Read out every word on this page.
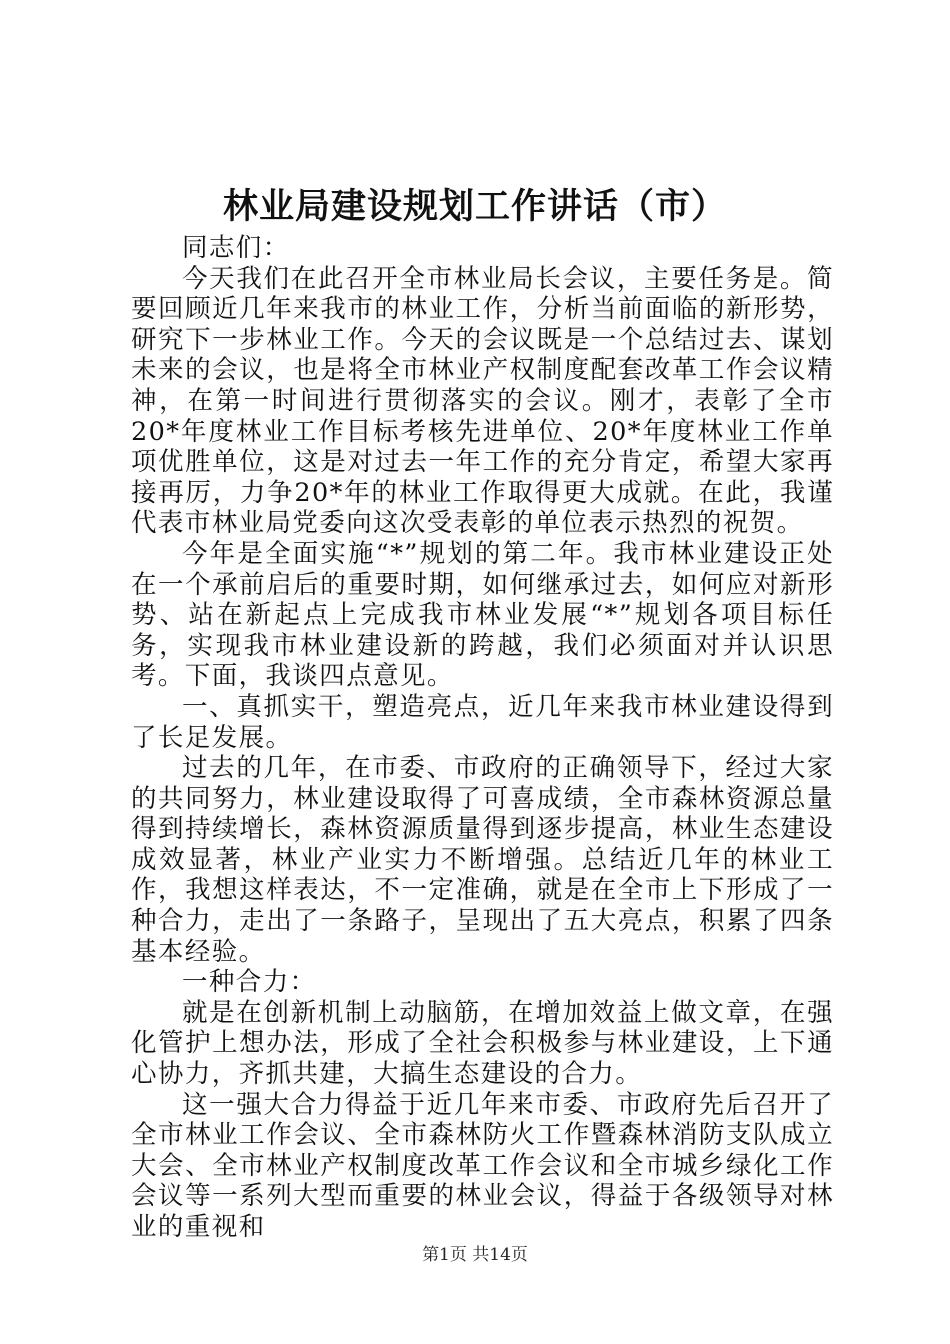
林业局建设规划工作讲话（市）

同志们：

今天我们在此召开全市林业局长会议，主要任务是。简要回顾近几年来我市的林业工作，分析当前面临的新形势，研究下一步林业工作。今天的会议既是一个总结过去、谋划未来的会议，也是将全市林业产权制度配套改革工作会议精神，在第一时间进行贯彻落实的会议。刚才，表彰了全市20*年度林业工作目标考核先进单位、20*年度林业工作单项优胜单位，这是对过去一年工作的充分肯定，希望大家再接再厉，力争20*年的林业工作取得更大成就。在此，我谨代表市林业局党委向这次受表彰的单位表示热烈的祝贺。

今年是全面实施“*”规划的第二年。我市林业建设正处在一个承前启后的重要时期，如何继承过去，如何应对新形势、站在新起点上完成我市林业发展“*”规划各项目标任务，实现我市林业建设新的跨越，我们必须面对并认识思考。下面，我谈四点意见。

一、真抓实干，塑造亮点，近几年来我市林业建设得到了长足发展。

过去的几年，在市委、市政府的正确领导下，经过大家的共同努力，林业建设取得了可喜成绩，全市森林资源总量得到持续增长，森林资源质量得到逐步提高，林业生态建设成效显著，林业产业实力不断增强。总结近几年的林业工作，我想这样表达，不一定准确，就是在全市上下形成了一种合力，走出了一条路子，呈现出了五大亮点，积累了四条基本经验。

一种合力：

就是在创新机制上动脑筋，在增加效益上做文章，在强化管护上想办法，形成了全社会积极参与林业建设，上下通心协力，齐抓共建，大搞生态建设的合力。

这一强大合力得益于近几年来市委、市政府先后召开了全市林业工作会议、全市森林防火工作暨森林消防支队成立大会、全市林业产权制度改革工作会议和全市城乡绿化工作会议等一系列大型而重要的林业会议，得益于各级领导对林业的重视和

第1页 共14页
